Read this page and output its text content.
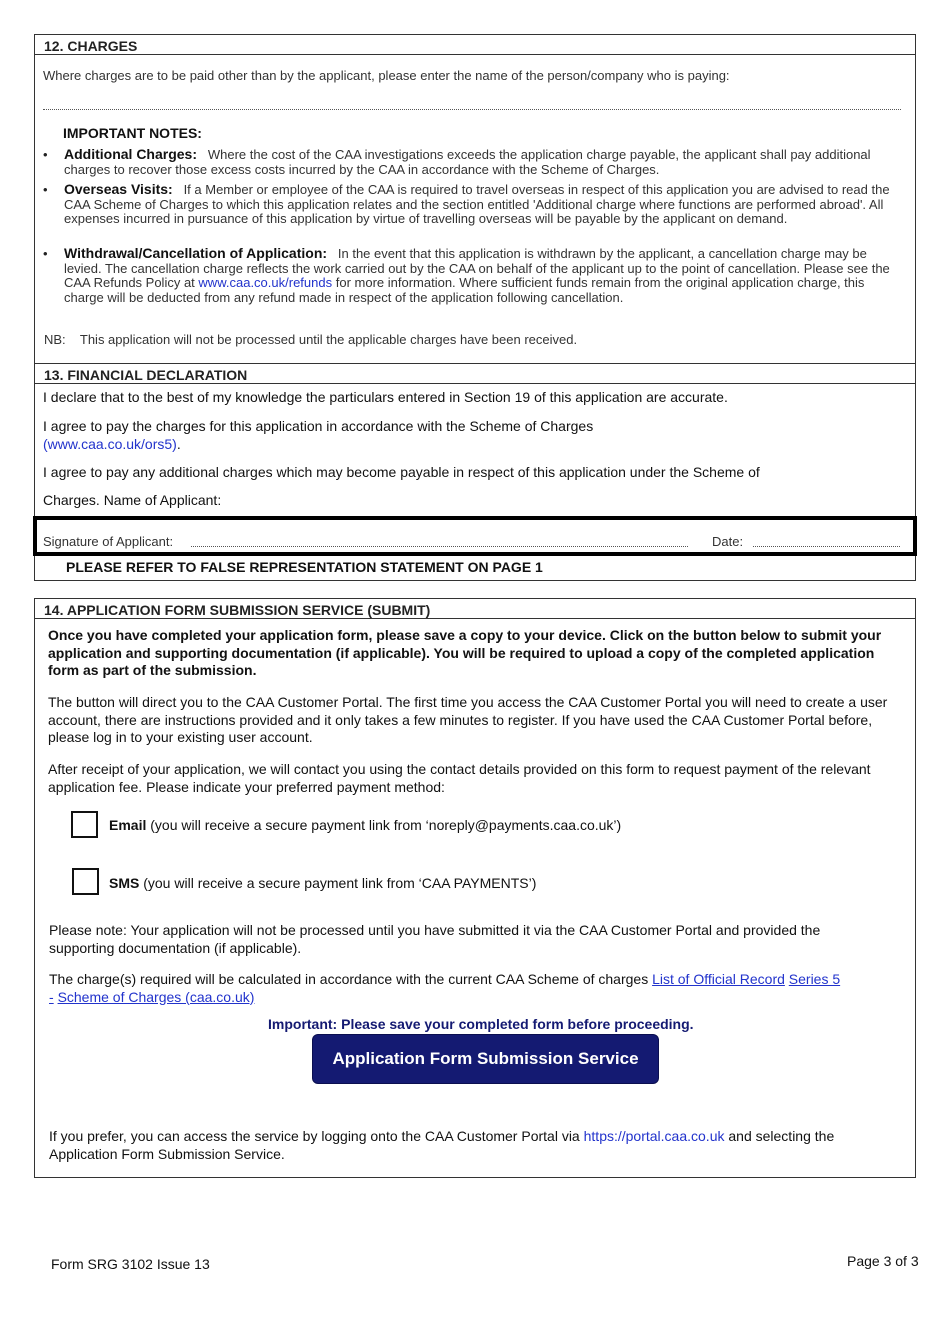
12. CHARGES
Where charges are to be paid other than by the applicant, please enter the name of the person/company who is paying:
IMPORTANT NOTES:
• Additional Charges: Where the cost of the CAA investigations exceeds the application charge payable, the applicant shall pay additional charges to recover those excess costs incurred by the CAA in accordance with the Scheme of Charges.
• Overseas Visits: If a Member or employee of the CAA is required to travel overseas in respect of this application you are advised to read the CAA Scheme of Charges to which this application relates and the section entitled 'Additional charge where functions are performed abroad'. All expenses incurred in pursuance of this application by virtue of travelling overseas will be payable by the applicant on demand.
• Withdrawal/Cancellation of Application: In the event that this application is withdrawn by the applicant, a cancellation charge may be levied. The cancellation charge reflects the work carried out by the CAA on behalf of the applicant up to the point of cancellation. Please see the CAA Refunds Policy at www.caa.co.uk/refunds for more information. Where sufficient funds remain from the original application charge, this charge will be deducted from any refund made in respect of the application following cancellation.
NB: This application will not be processed until the applicable charges have been received.
13. FINANCIAL DECLARATION
I declare that to the best of my knowledge the particulars entered in Section 19 of this application are accurate.
I agree to pay the charges for this application in accordance with the Scheme of Charges
(www.caa.co.uk/ors5).
I agree to pay any additional charges which may become payable in respect of this application under the Scheme of
Charges. Name of Applicant:
Signature of Applicant:	Date:
PLEASE REFER TO FALSE REPRESENTATION STATEMENT ON PAGE 1
14. APPLICATION FORM SUBMISSION SERVICE (SUBMIT)
Once you have completed your application form, please save a copy to your device. Click on the button below to submit your application and supporting documentation (if applicable). You will be required to upload a copy of the completed application form as part of the submission.
The button will direct you to the CAA Customer Portal. The first time you access the CAA Customer Portal you will need to create a user account, there are instructions provided and it only takes a few minutes to register. If you have used the CAA Customer Portal before, please log in to your existing user account.
After receipt of your application, we will contact you using the contact details provided on this form to request payment of the relevant application fee. Please indicate your preferred payment method:
Email (you will receive a secure payment link from ‘noreply@payments.caa.co.uk’)
SMS (you will receive a secure payment link from ‘CAA PAYMENTS’)
Please note: Your application will not be processed until you have submitted it via the CAA Customer Portal and provided the supporting documentation (if applicable).
The charge(s) required will be calculated in accordance with the current CAA Scheme of charges List of Official Record Series 5
- Scheme of Charges (caa.co.uk)
Important: Please save your completed form before proceeding.
Application Form Submission Service
If you prefer, you can access the service by logging onto the CAA Customer Portal via https://portal.caa.co.uk and selecting the Application Form Submission Service.
Form SRG 3102 Issue 13	Page 3 of 3
